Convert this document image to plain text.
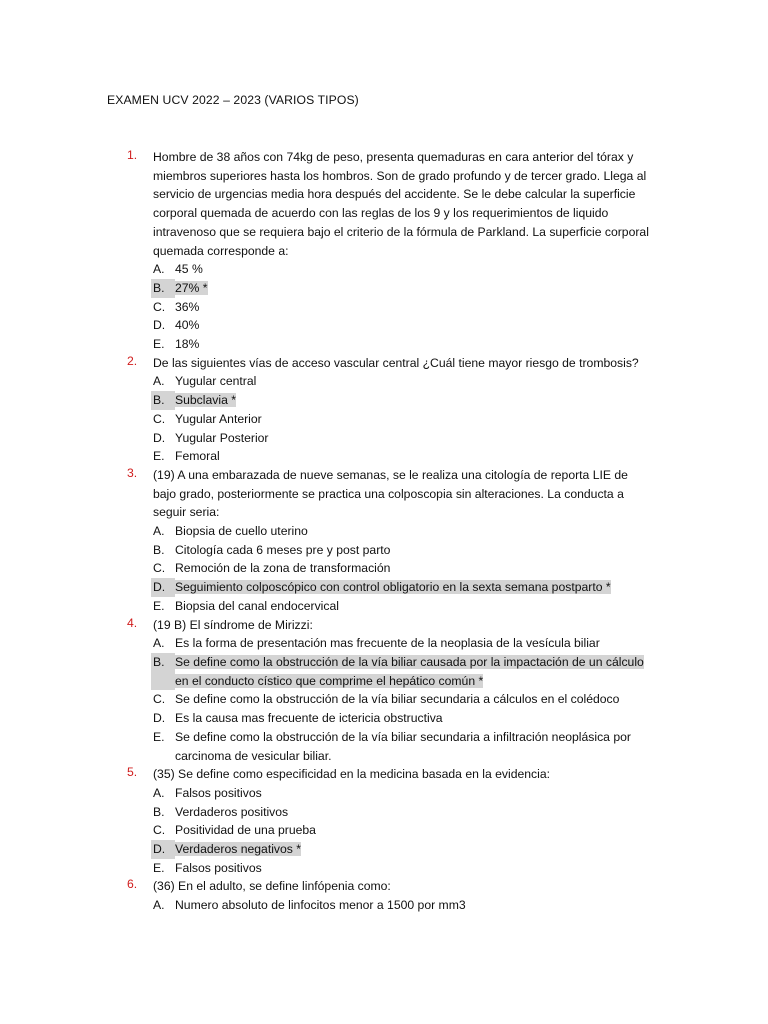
EXAMEN UCV 2022 – 2023 (VARIOS TIPOS)
1.	Hombre de 38 años con 74kg de peso, presenta quemaduras en cara anterior del tórax y miembros superiores hasta los hombros. Son de grado profundo y de tercer grado. Llega al servicio de urgencias media hora después del accidente. Se le debe calcular la superficie corporal quemada de acuerdo con las reglas de los 9 y los requerimientos de liquido intravenoso que se requiera bajo el criterio de la fórmula de Parkland. La superficie corporal quemada corresponde a:
A. 45 %
B. 27% *
C. 36%
D. 40%
E. 18%
2.	De las siguientes vías de acceso vascular central ¿Cuál tiene mayor riesgo de trombosis?
A. Yugular central
B. Subclavia *
C. Yugular Anterior
D. Yugular Posterior
E. Femoral
3.	(19) A una embarazada de nueve semanas, se le realiza una citología de reporta LIE de bajo grado, posteriormente se practica una colposcopia sin alteraciones. La conducta a seguir seria:
A. Biopsia de cuello uterino
B. Citología cada 6 meses pre y post parto
C. Remoción de la zona de transformación
D. Seguimiento colposcópico con control obligatorio en la sexta semana postparto *
E. Biopsia del canal endocervical
4.	(19 B) El síndrome de Mirizzi:
A. Es la forma de presentación mas frecuente de la neoplasia de la vesícula biliar
B. Se define como la obstrucción de la vía biliar causada por la impactación de un cálculo en el conducto cístico que comprime el hepático común *
C. Se define como la obstrucción de la vía biliar secundaria a cálculos en el colédoco
D. Es la causa mas frecuente de ictericia obstructiva
E. Se define como la obstrucción de la vía biliar secundaria a infiltración neoplásica por carcinoma de vesicular biliar.
5.	(35) Se define como especificidad en la medicina basada en la evidencia:
A. Falsos positivos
B. Verdaderos positivos
C. Positividad de una prueba
D. Verdaderos negativos *
E. Falsos positivos
6.	(36) En el adulto, se define linfópenia como:
A. Numero absoluto de linfocitos menor a 1500 por mm3
